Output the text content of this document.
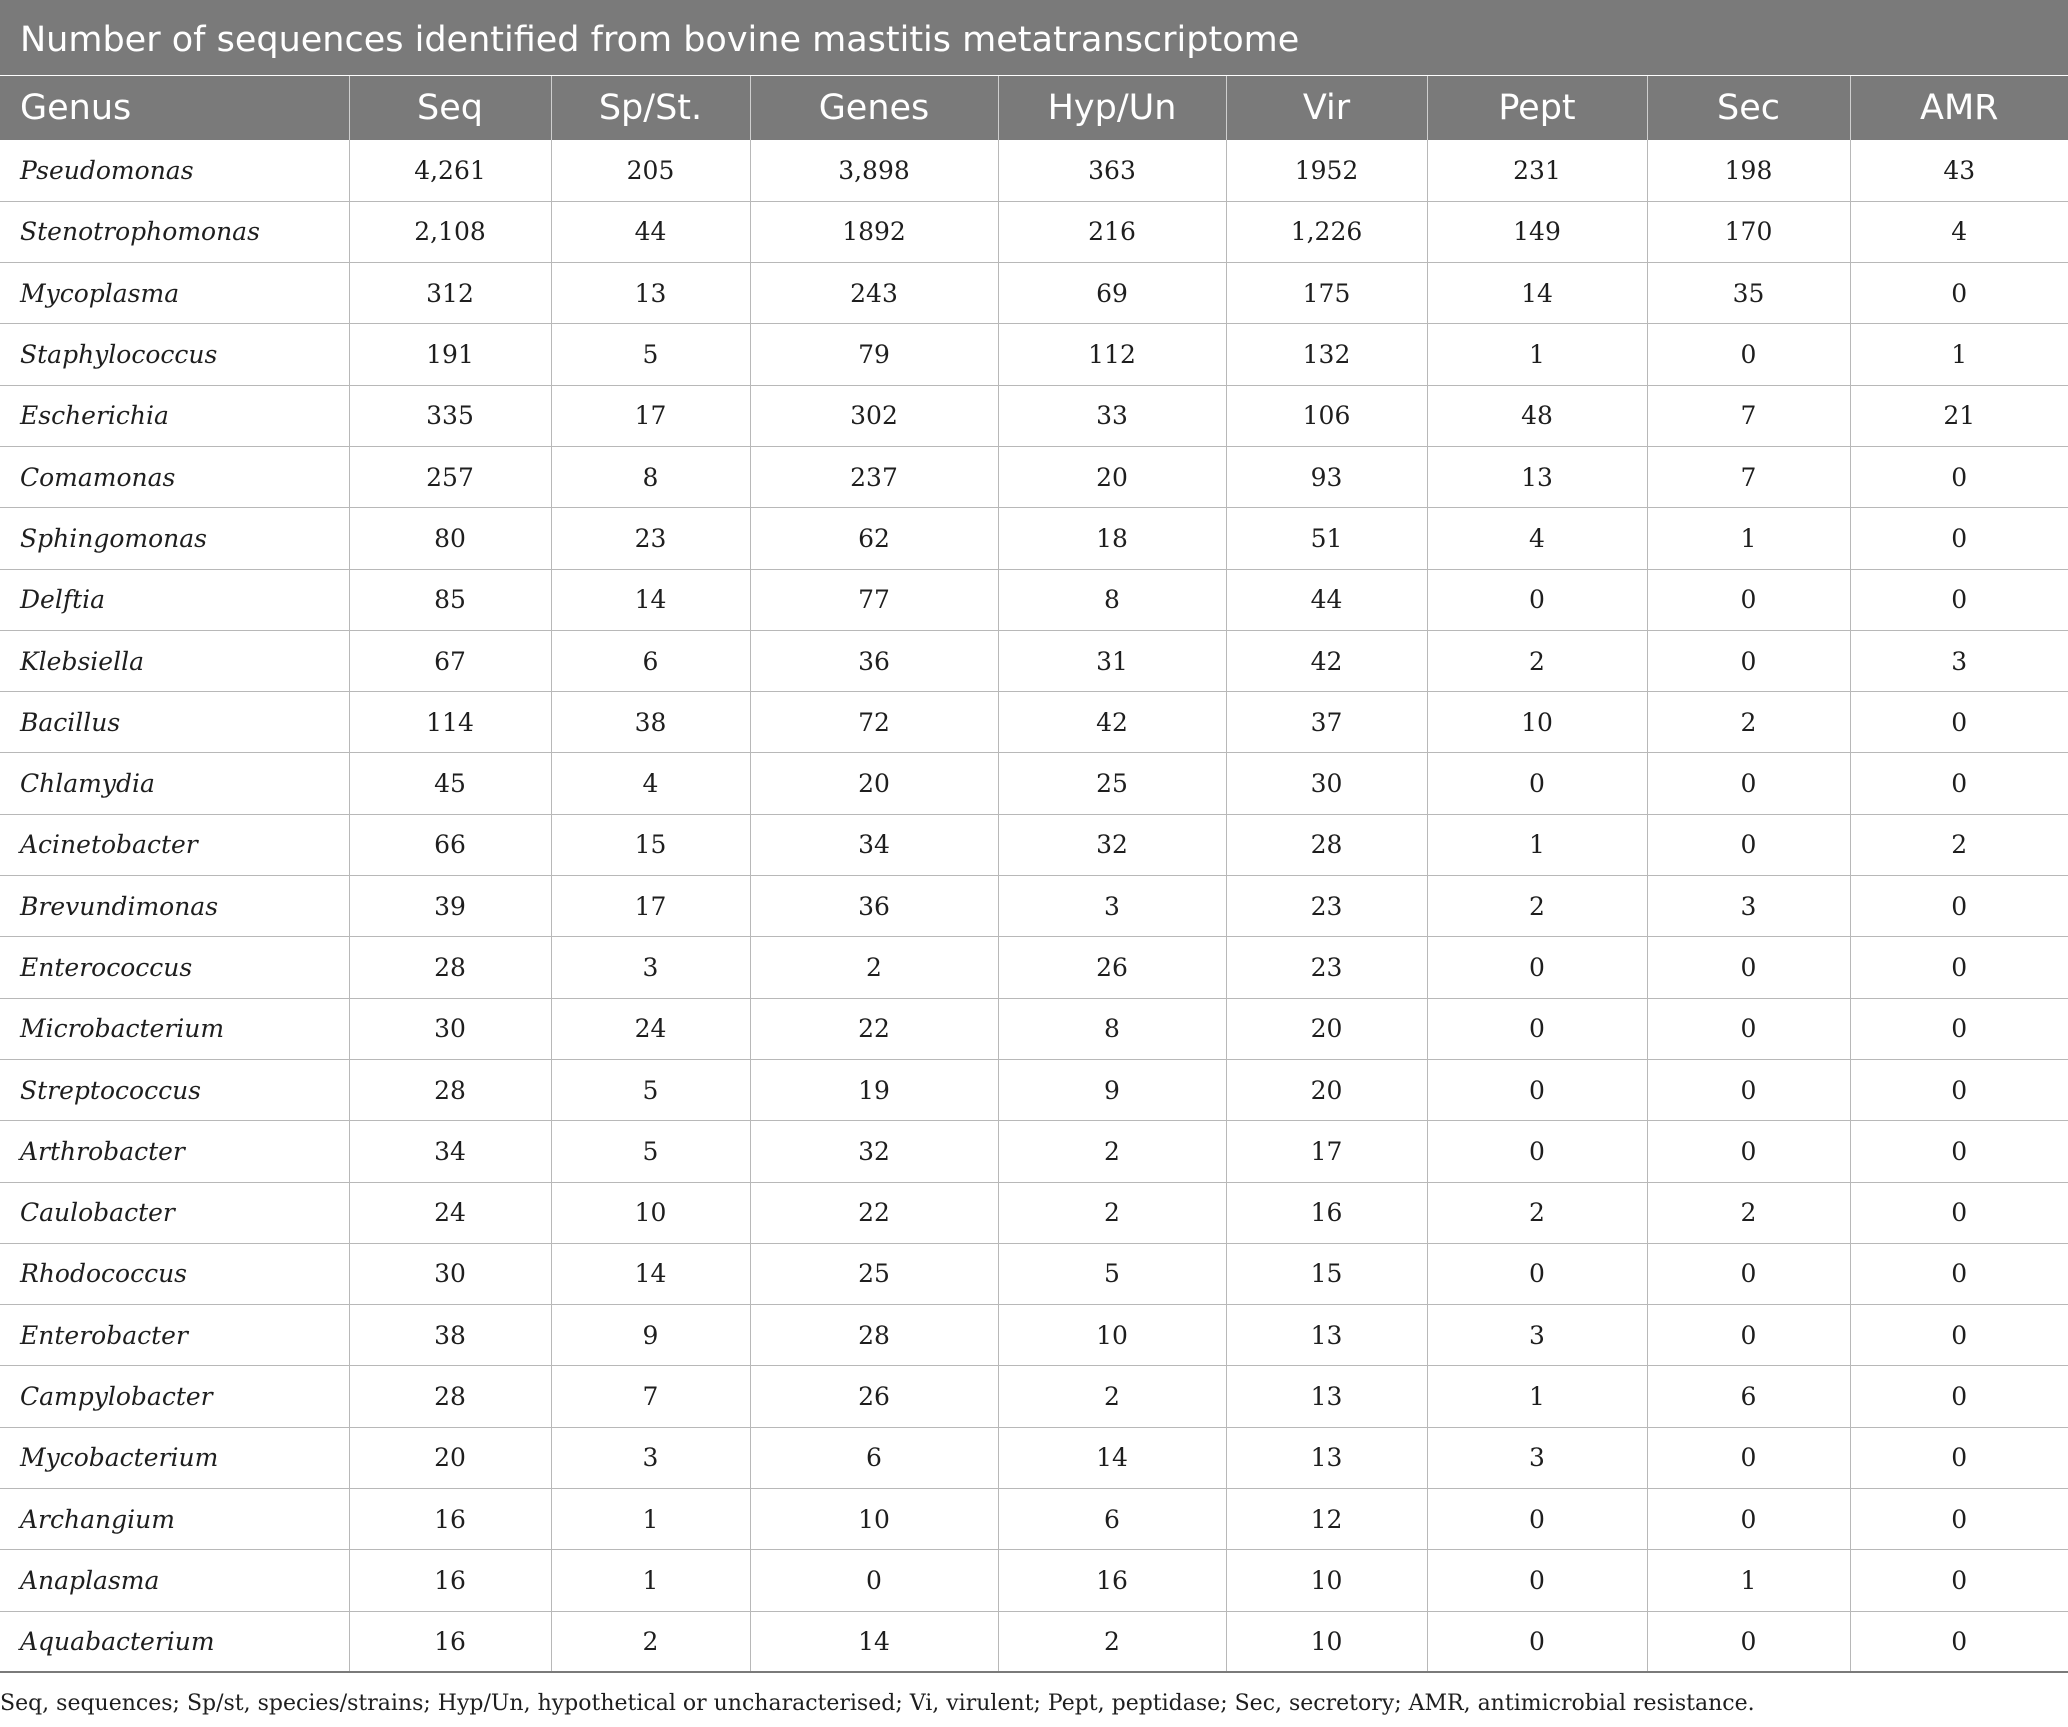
Number of sequences identified from bovine mastitis metatranscriptome
Genus	Seq	Sp/St.	Genes	Hyp/Un	Vir	Pept	Sec	AMR
Pseudomonas	4,261	205	3,898	363	1952	231	198	43
Stenotrophomonas	2,108	44	1892	216	1,226	149	170	4
Mycoplasma	312	13	243	69	175	14	35	0
Staphylococcus	191	5	79	112	132	1	0	1
Escherichia	335	17	302	33	106	48	7	21
Comamonas	257	8	237	20	93	13	7	0
Sphingomonas	80	23	62	18	51	4	1	0
Delftia	85	14	77	8	44	0	0	0
Klebsiella	67	6	36	31	42	2	0	3
Bacillus	114	38	72	42	37	10	2	0
Chlamydia	45	4	20	25	30	0	0	0
Acinetobacter	66	15	34	32	28	1	0	2
Brevundimonas	39	17	36	3	23	2	3	0
Enterococcus	28	3	2	26	23	0	0	0
Microbacterium	30	24	22	8	20	0	0	0
Streptococcus	28	5	19	9	20	0	0	0
Arthrobacter	34	5	32	2	17	0	0	0
Caulobacter	24	10	22	2	16	2	2	0
Rhodococcus	30	14	25	5	15	0	0	0
Enterobacter	38	9	28	10	13	3	0	0
Campylobacter	28	7	26	2	13	1	6	0
Mycobacterium	20	3	6	14	13	3	0	0
Archangium	16	1	10	6	12	0	0	0
Anaplasma	16	1	0	16	10	0	1	0
Aquabacterium	16	2	14	2	10	0	0	0
Seq, sequences; Sp/st, species/strains; Hyp/Un, hypothetical or uncharacterised; Vi, virulent; Pept, peptidase; Sec, secretory; AMR, antimicrobial resistance.
